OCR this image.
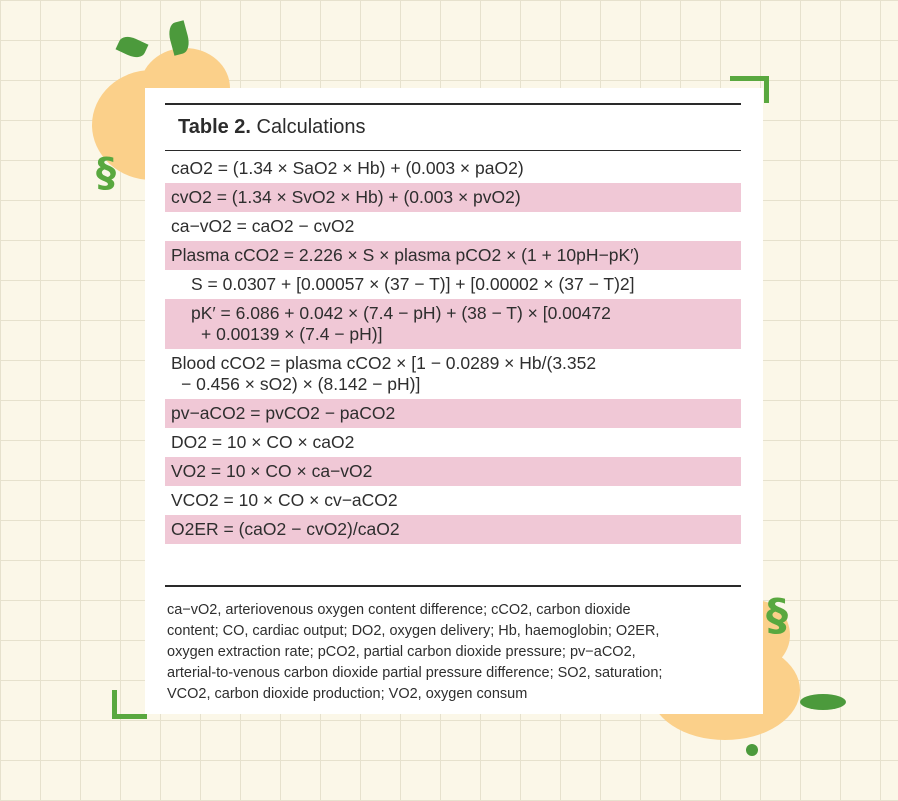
§
§
Table 2. Calculations
caO2 = (1.34 × SaO2 × Hb) + (0.003 × paO2)
cvO2 = (1.34 × SvO2 × Hb) + (0.003 × pvO2)
ca−vO2 = caO2 − cvO2
Plasma cCO2 = 2.226 × S × plasma pCO2 × (1 + 10pH−pK′)
S = 0.0307 + [0.00057 × (37 − T)] + [0.00002 × (37 − T)2]
pK′ = 6.086 + 0.042 × (7.4 − pH) + (38 − T) × [0.00472
+ 0.00139 × (7.4 − pH)]
Blood cCO2 = plasma cCO2 × [1 − 0.0289 × Hb/(3.352
− 0.456 × sO2) × (8.142 − pH)]
pv−aCO2 = pvCO2 − paCO2
DO2 = 10 × CO × caO2
VO2 = 10 × CO × ca−vO2
VCO2 = 10 × CO × cv−aCO2
O2ER = (caO2 − cvO2)/caO2

ca−vO2, arteriovenous oxygen content difference; cCO2, carbon dioxide

content; CO, cardiac output; DO2, oxygen delivery; Hb, haemoglobin; O2ER,

oxygen extraction rate; pCO2, partial carbon dioxide pressure; pv−aCO2,

arterial-to-venous carbon dioxide partial pressure difference; SO2, saturation;

VCO2, carbon dioxide production; VO2, oxygen consum
